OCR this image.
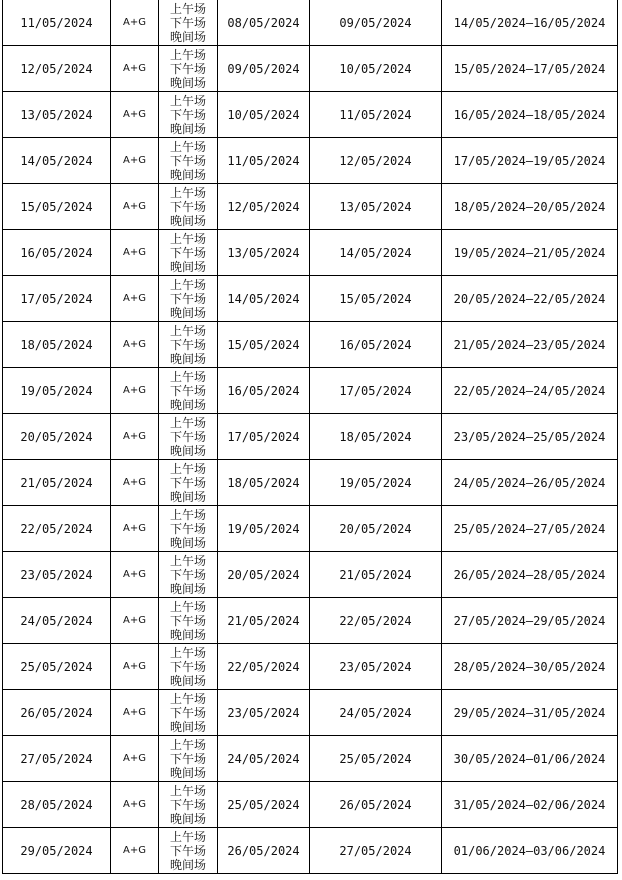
11/05/2024	A+G	上午场
下午场
晚间场	08/05/2024	09/05/2024	14/05/2024–16/05/2024
12/05/2024	A+G	上午场
下午场
晚间场	09/05/2024	10/05/2024	15/05/2024–17/05/2024
13/05/2024	A+G	上午场
下午场
晚间场	10/05/2024	11/05/2024	16/05/2024–18/05/2024
14/05/2024	A+G	上午场
下午场
晚间场	11/05/2024	12/05/2024	17/05/2024–19/05/2024
15/05/2024	A+G	上午场
下午场
晚间场	12/05/2024	13/05/2024	18/05/2024–20/05/2024
16/05/2024	A+G	上午场
下午场
晚间场	13/05/2024	14/05/2024	19/05/2024–21/05/2024
17/05/2024	A+G	上午场
下午场
晚间场	14/05/2024	15/05/2024	20/05/2024–22/05/2024
18/05/2024	A+G	上午场
下午场
晚间场	15/05/2024	16/05/2024	21/05/2024–23/05/2024
19/05/2024	A+G	上午场
下午场
晚间场	16/05/2024	17/05/2024	22/05/2024–24/05/2024
20/05/2024	A+G	上午场
下午场
晚间场	17/05/2024	18/05/2024	23/05/2024–25/05/2024
21/05/2024	A+G	上午场
下午场
晚间场	18/05/2024	19/05/2024	24/05/2024–26/05/2024
22/05/2024	A+G	上午场
下午场
晚间场	19/05/2024	20/05/2024	25/05/2024–27/05/2024
23/05/2024	A+G	上午场
下午场
晚间场	20/05/2024	21/05/2024	26/05/2024–28/05/2024
24/05/2024	A+G	上午场
下午场
晚间场	21/05/2024	22/05/2024	27/05/2024–29/05/2024
25/05/2024	A+G	上午场
下午场
晚间场	22/05/2024	23/05/2024	28/05/2024–30/05/2024
26/05/2024	A+G	上午场
下午场
晚间场	23/05/2024	24/05/2024	29/05/2024–31/05/2024
27/05/2024	A+G	上午场
下午场
晚间场	24/05/2024	25/05/2024	30/05/2024–01/06/2024
28/05/2024	A+G	上午场
下午场
晚间场	25/05/2024	26/05/2024	31/05/2024–02/06/2024
29/05/2024	A+G	上午场
下午场
晚间场	26/05/2024	27/05/2024	01/06/2024–03/06/2024
